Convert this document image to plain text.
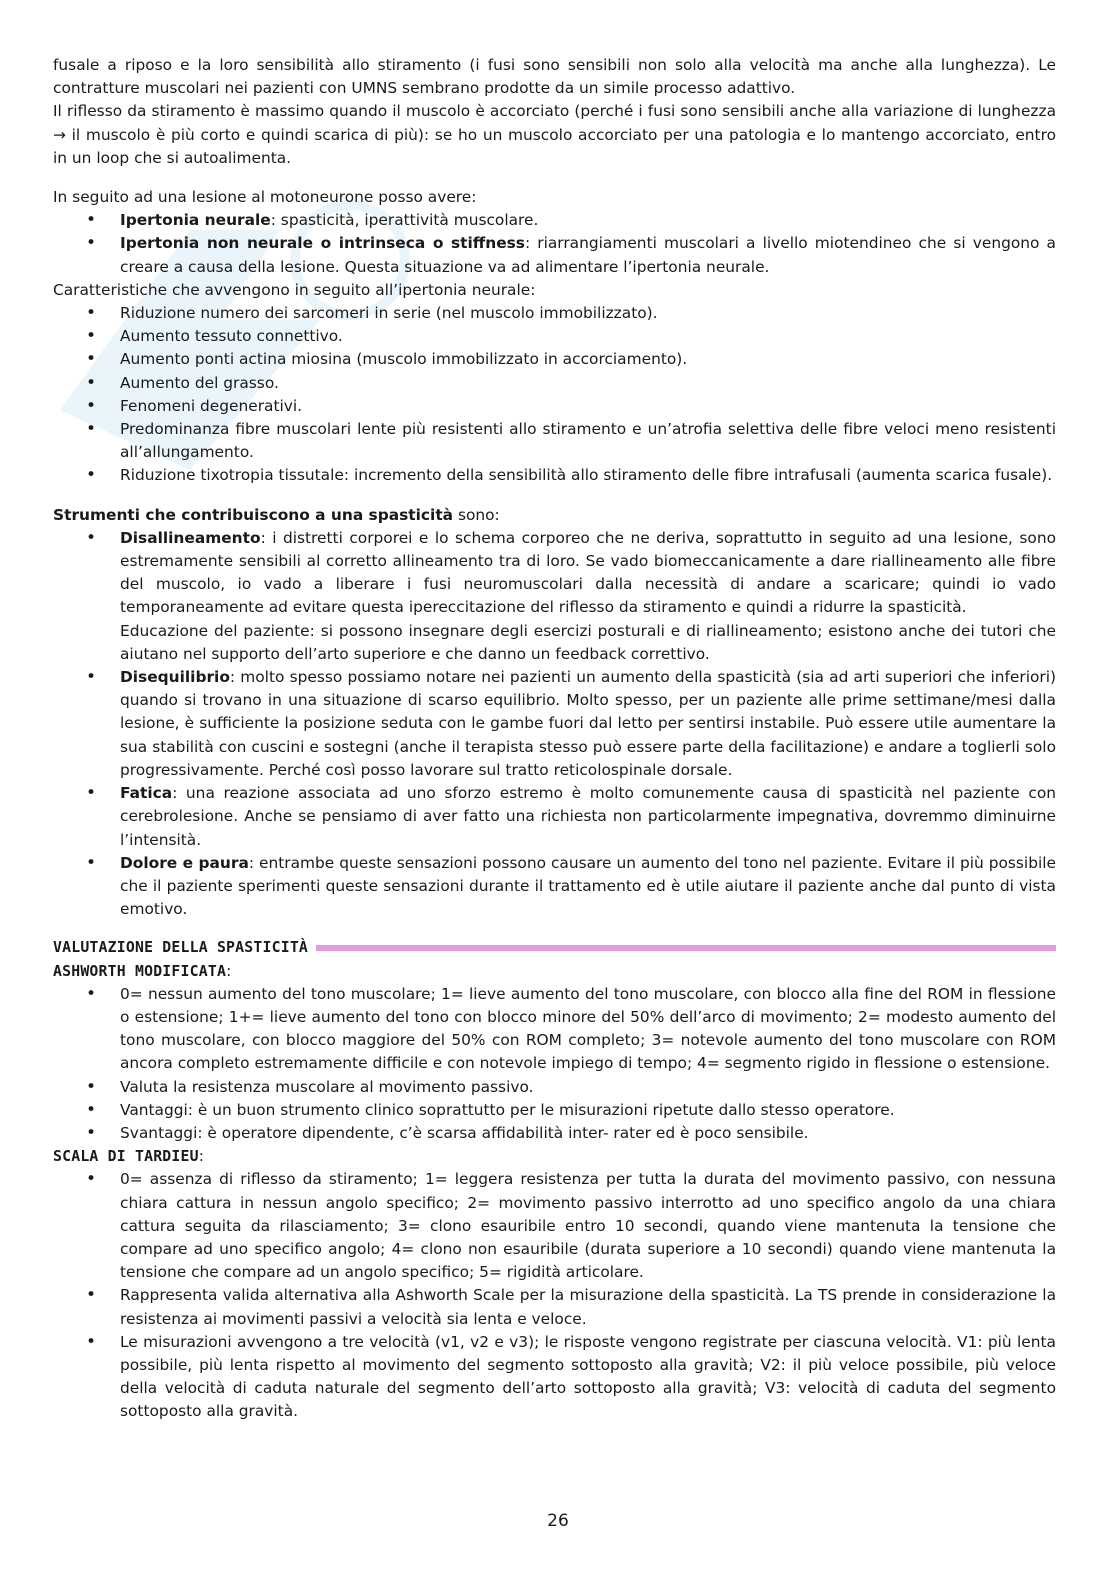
fusale a riposo e la loro sensibilità allo stiramento (i fusi sono sensibili non solo alla velocità ma anche alla lunghezza). Le contratture muscolari nei pazienti con UMNS sembrano prodotte da un simile processo adattivo.

Il riflesso da stiramento è massimo quando il muscolo è accorciato (perché i fusi sono sensibili anche alla variazione di lunghezza → il muscolo è più corto e quindi scarica di più): se ho un muscolo accorciato per una patologia e lo mantengo accorciato, entro in un loop che si autoalimenta.

In seguito ad una lesione al motoneurone posso avere:

• Ipertonia neurale: spasticità, iperattività muscolare.
• Ipertonia non neurale o intrinseca o stiffness: riarrangiamenti muscolari a livello miotendineo che si vengono a creare a causa della lesione. Questa situazione va ad alimentare l’ipertonia neurale.

Caratteristiche che avvengono in seguito all’ipertonia neurale:

• Riduzione numero dei sarcomeri in serie (nel muscolo immobilizzato).
• Aumento tessuto connettivo.
• Aumento ponti actina miosina (muscolo immobilizzato in accorciamento).
• Aumento del grasso.
• Fenomeni degenerativi.
• Predominanza fibre muscolari lente più resistenti allo stiramento e un’atrofia selettiva delle fibre veloci meno resistenti all’allungamento.
• Riduzione tixotropia tissutale: incremento della sensibilità allo stiramento delle fibre intrafusali (aumenta scarica fusale).

Strumenti che contribuiscono a una spasticità sono:

• Disallineamento: i distretti corporei e lo schema corporeo che ne deriva, soprattutto in seguito ad una lesione, sono estremamente sensibili al corretto allineamento tra di loro. Se vado biomeccanicamente a dare riallineamento alle fibre del muscolo, io vado a liberare i fusi neuromuscolari dalla necessità di andare a scaricare; quindi io vado temporaneamente ad evitare questa ipereccitazione del riflesso da stiramento e quindi a ridurre la spasticità.
Educazione del paziente: si possono insegnare degli esercizi posturali e di riallineamento; esistono anche dei tutori che aiutano nel supporto dell’arto superiore e che danno un feedback correttivo.
• Disequilibrio: molto spesso possiamo notare nei pazienti un aumento della spasticità (sia ad arti superiori che inferiori) quando si trovano in una situazione di scarso equilibrio. Molto spesso, per un paziente alle prime settimane/mesi dalla lesione, è sufficiente la posizione seduta con le gambe fuori dal letto per sentirsi instabile. Può essere utile aumentare la sua stabilità con cuscini e sostegni (anche il terapista stesso può essere parte della facilitazione) e andare a toglierli solo progressivamente. Perché così posso lavorare sul tratto reticolospinale dorsale.
• Fatica: una reazione associata ad uno sforzo estremo è molto comunemente causa di spasticità nel paziente con cerebrolesione. Anche se pensiamo di aver fatto una richiesta non particolarmente impegnativa, dovremmo diminuirne l’intensità.
• Dolore e paura: entrambe queste sensazioni possono causare un aumento del tono nel paziente. Evitare il più possibile che il paziente sperimenti queste sensazioni durante il trattamento ed è utile aiutare il paziente anche dal punto di vista emotivo.
VALUTAZIONE DELLA SPASTICITÀ

ASHWORTH MODIFICATA:

• 0= nessun aumento del tono muscolare; 1= lieve aumento del tono muscolare, con blocco alla fine del ROM in flessione o estensione; 1+= lieve aumento del tono con blocco minore del 50% dell’arco di movimento; 2= modesto aumento del tono muscolare, con blocco maggiore del 50% con ROM completo; 3= notevole aumento del tono muscolare con ROM ancora completo estremamente difficile e con notevole impiego di tempo; 4= segmento rigido in flessione o estensione.
• Valuta la resistenza muscolare al movimento passivo.
• Vantaggi: è un buon strumento clinico soprattutto per le misurazioni ripetute dallo stesso operatore.
• Svantaggi: è operatore dipendente, c’è scarsa affidabilità inter- rater ed è poco sensibile.

SCALA DI TARDIEU:

• 0= assenza di riflesso da stiramento; 1= leggera resistenza per tutta la durata del movimento passivo, con nessuna chiara cattura in nessun angolo specifico; 2= movimento passivo interrotto ad uno specifico angolo da una chiara cattura seguita da rilasciamento; 3= clono esauribile entro 10 secondi, quando viene mantenuta la tensione che compare ad uno specifico angolo; 4= clono non esauribile (durata superiore a 10 secondi) quando viene mantenuta la tensione che compare ad un angolo specifico; 5= rigidità articolare.
• Rappresenta valida alternativa alla Ashworth Scale per la misurazione della spasticità. La TS prende in considerazione la resistenza ai movimenti passivi a velocità sia lenta e veloce.
• Le misurazioni avvengono a tre velocità (v1, v2 e v3); le risposte vengono registrate per ciascuna velocità. V1: più lenta possibile, più lenta rispetto al movimento del segmento sottoposto alla gravità; V2: il più veloce possibile, più veloce della velocità di caduta naturale del segmento dell’arto sottoposto alla gravità; V3: velocità di caduta del segmento sottoposto alla gravità.
26
